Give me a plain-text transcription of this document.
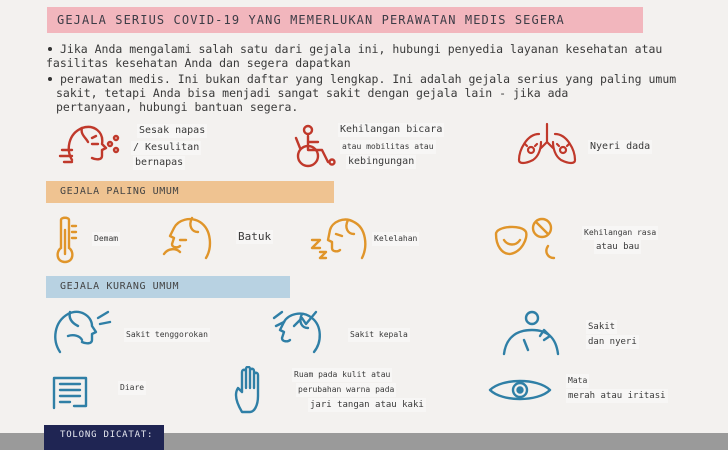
GEJALA SERIUS COVID-19 YANG MEMERLUKAN PERAWATAN MEDIS SEGERA
Jika Anda mengalami salah satu dari gejala ini, hubungi penyedia layanan kesehatan atau
fasilitas kesehatan Anda dan segera dapatkan
perawatan medis. Ini bukan daftar yang lengkap. Ini adalah gejala serius yang paling umum
sakit, tetapi Anda bisa menjadi sangat sakit dengan gejala lain - jika ada
pertanyaan, hubungi bantuan segera.
Sesak napas
/ Kesulitan
bernapas
Kehilangan bicara
atau mobilitas atau
kebingungan
Nyeri dada
GEJALA PALING UMUM
Demam	Batuk	Kelelahan
Kehilangan rasa
atau bau
GEJALA KURANG UMUM
Sakit tenggorokan	Sakit kepala
Sakit
dan nyeri
Diare
Ruam pada kulit atau
perubahan warna pada
jari tangan atau kaki
Mata
merah atau iritasi
TOLONG DICATAT:
